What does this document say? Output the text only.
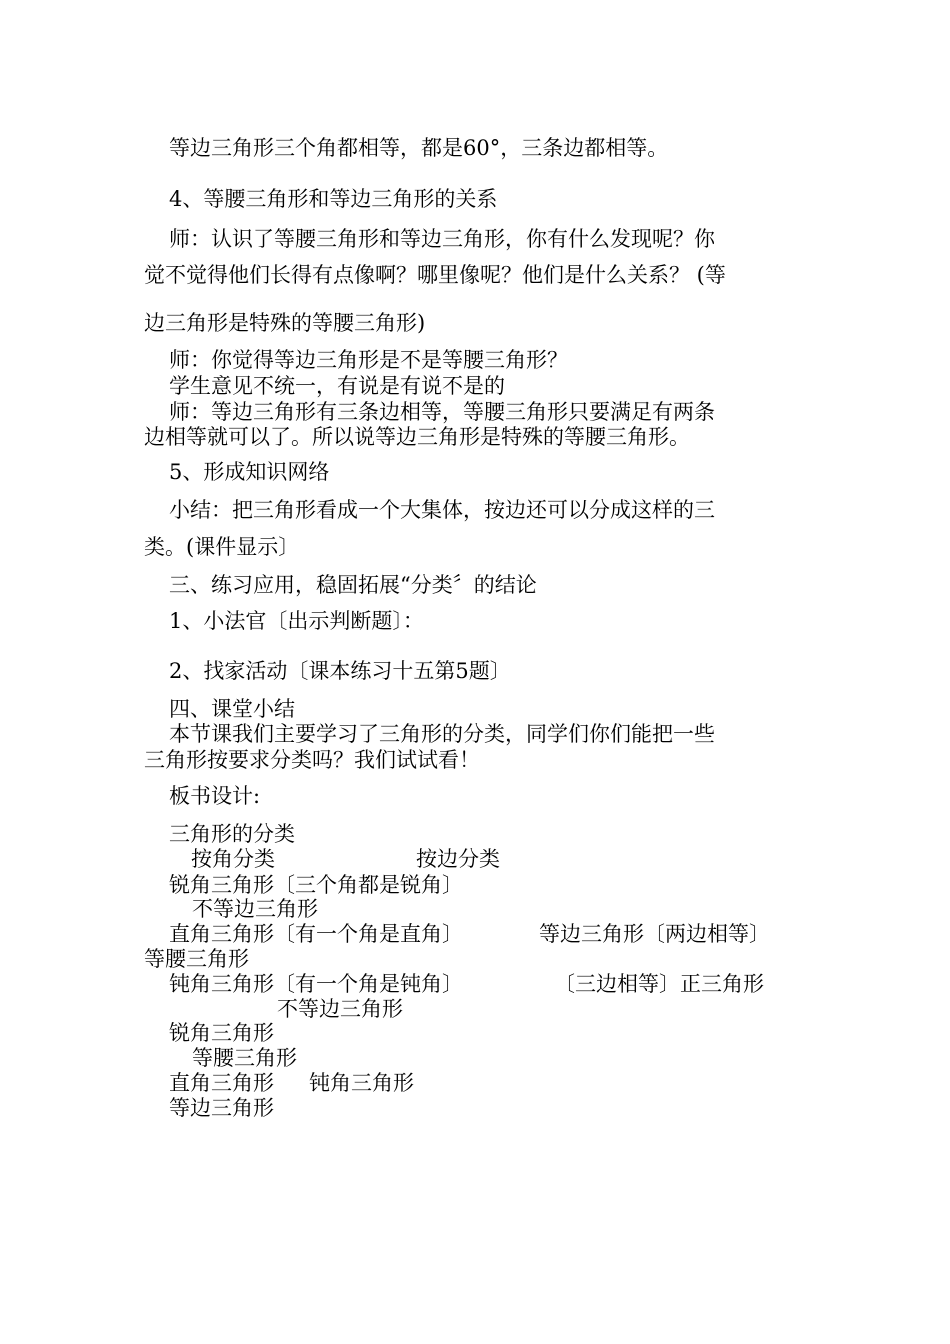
等边三角形三个角都相等，都是60°，三条边都相等。
4、等腰三角形和等边三角形的关系
师：认识了等腰三角形和等边三角形，你有什么发现呢？你
觉不觉得他们长得有点像啊？哪里像呢？他们是什么关系？ (等
边三角形是特殊的等腰三角形)
师：你觉得等边三角形是不是等腰三角形？
学生意见不统一，有说是有说不是的
师：等边三角形有三条边相等，等腰三角形只要满足有两条
边相等就可以了。所以说等边三角形是特殊的等腰三角形。
5、形成知识网络
小结：把三角形看成一个大集体，按边还可以分成这样的三
类。(课件显示〕
三、练习应用，稳固拓展“分类〞的结论
1、小法官〔出示判断题〕：
2、找家活动〔课本练习十五第5题〕
四、课堂小结
本节课我们主要学习了三角形的分类，同学们你们能把一些
三角形按要求分类吗？我们试试看！
板书设计:
三角形的分类
按角分类	按边分类
锐角三角形〔三个角都是锐角〕
不等边三角形
直角三角形〔有一个角是直角〕	等边三角形〔两边相等〕
等腰三角形
钝角三角形〔有一个角是钝角〕	〔三边相等〕正三角形
不等边三角形
锐角三角形
等腰三角形
直角三角形 钝角三角形
等边三角形
